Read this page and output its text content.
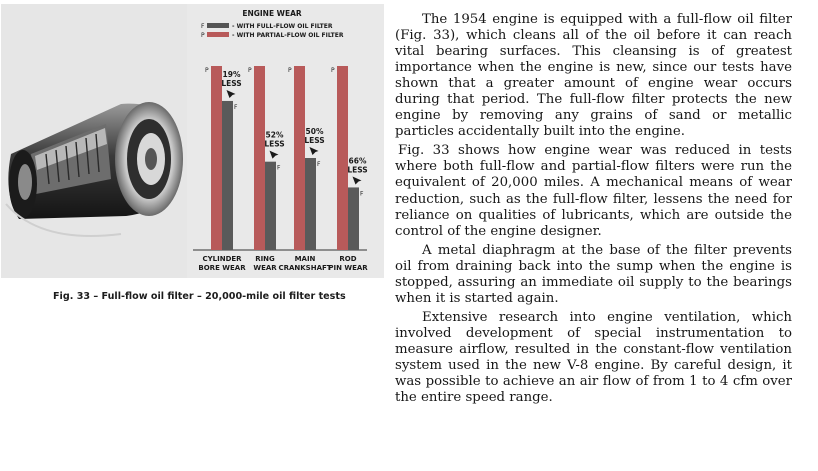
ENGINE WEAR
F	- WITH FULL-FLOW OIL FILTER
P	- WITH PARTIAL-FLOW OIL FILTER
P	P	P	P
F
F
F
F
19%
LESS
52%
LESS
50%
LESS
66%
LESS
CYLINDER
BORE WEAR
RING
WEAR
MAIN
CRANKSHAFT
ROD
PIN WEAR
Fig. 33 – Full-flow oil filter – 20,000-mile oil filter tests

The 1954 engine is equipped with a full-flow oil filter (Fig. 33), which cleans all of the oil before it can reach vital bearing surfaces. This cleansing is of greatest importance when the engine is new, since our tests have shown that a greater amount of engine wear occurs during that period. The full-flow filter protects the new engine by removing any grains of sand or metallic particles accidentally built into the engine.

Fig. 33 shows how engine wear was reduced in tests where both full-flow and partial-flow filters were run the equivalent of 20,000 miles. A mechanical means of wear reduction, such as the full-flow filter, lessens the need for reliance on qualities of lubricants, which are outside the control of the engine designer.

A metal diaphragm at the base of the filter prevents oil from draining back into the sump when the engine is stopped, assuring an immediate oil supply to the bearings when it is started again.

Extensive research into engine ventilation, which involved development of special instrumentation to measure airflow, resulted in the constant-flow ventilation system used in the new V-8 engine. By careful design, it was possible to achieve an air flow of from 1 to 4 cfm over the entire speed range.
